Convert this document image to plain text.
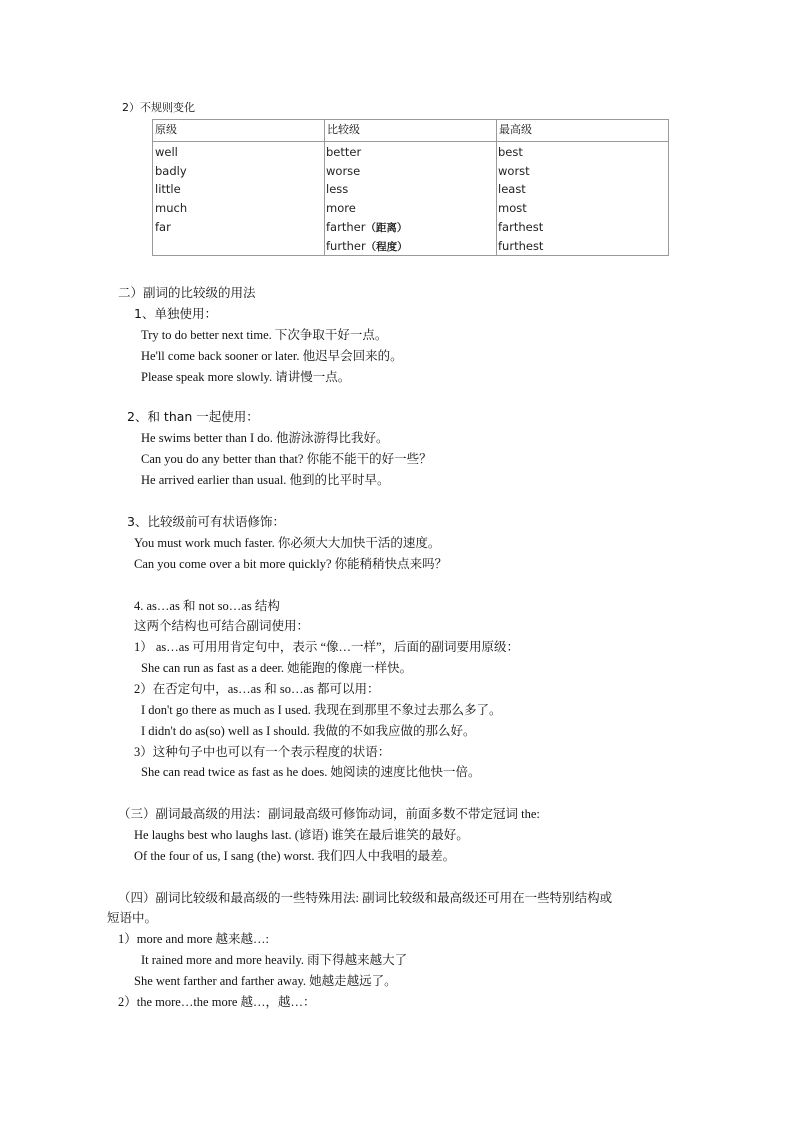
2）不规则变化
原级	比较级	最高级
well
badly
little
much
far
better
worse
less
more
farther（距离）
further（程度）
best
worst
least
most
farthest
furthest
二）副词的比较级的用法
1、单独使用：
Try to do better next time. 下次争取干好一点。
He'll come back sooner or later. 他迟早会回来的。
Please speak more slowly. 请讲慢一点。
2、和 than 一起使用：
He swims better than I do. 他游泳游得比我好。
Can you do any better than that? 你能不能干的好一些？
He arrived earlier than usual. 他到的比平时早。
3、比较级前可有状语修饰：
You must work much faster. 你必须大大加快干活的速度。
Can you come over a bit more quickly? 你能稍稍快点来吗？
4. as…as 和 not so…as 结构
这两个结构也可结合副词使用：
1） as…as 可用用肯定句中，表示 “像…一样”，后面的副词要用原级：
She can run as fast as a deer. 她能跑的像鹿一样快。
2）在否定句中，as…as 和 so…as 都可以用：
I don't go there as much as I used. 我现在到那里不象过去那么多了。
I didn't do as(so) well as I should. 我做的不如我应做的那么好。
3）这种句子中也可以有一个表示程度的状语：
She can read twice as fast as he does. 她阅读的速度比他快一倍。
（三）副词最高级的用法：副词最高级可修饰动词，前面多数不带定冠词 the:
He laughs best who laughs last. (谚语) 谁笑在最后谁笑的最好。
Of the four of us, I sang (the) worst. 我们四人中我唱的最差。
（四）副词比较级和最高级的一些特殊用法: 副词比较级和最高级还可用在一些特别结构或
短语中。
1）more and more 越来越…:
It rained more and more heavily. 雨下得越来越大了
She went farther and farther away. 她越走越远了。
2）the more…the more 越…，越…：
